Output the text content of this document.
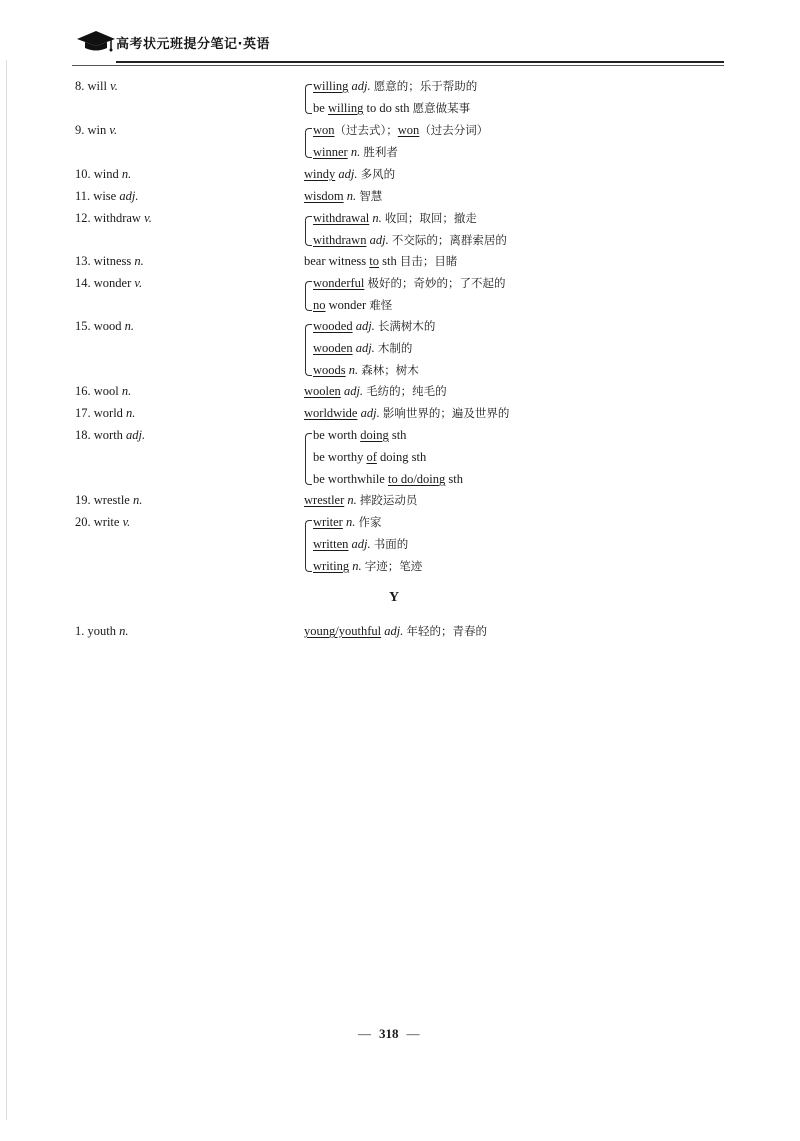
高考状元班提分笔记·英语
8. will v.	willing adj. 愿意的；乐于帮助的
be willing to do sth 愿意做某事
9. win v.	won（过去式）；won（过去分词）
winner n. 胜利者
10. wind n.	windy adj. 多风的
11. wise adj.	wisdom n. 智慧
12. withdraw v.	withdrawal n. 收回；取回；撤走
withdrawn adj. 不交际的；离群索居的
13. witness n.	bear witness to sth 目击；目睹
14. wonder v.	wonderful 极好的；奇妙的；了不起的
no wonder 难怪
15. wood n.	wooded adj. 长满树木的
wooden adj. 木制的
woods n. 森林；树木
16. wool n.	woolen adj. 毛纺的；纯毛的
17. world n.	worldwide adj. 影响世界的；遍及世界的
18. worth adj.	be worth doing sth
be worthy of doing sth
be worthwhile to do/doing sth
19. wrestle n.	wrestler n. 摔跤运动员
20. write v.	writer n. 作家
written adj. 书面的
writing n. 字迹；笔迹
1. youth n.	young/youthful adj. 年轻的；青春的
Y
— 318 —
